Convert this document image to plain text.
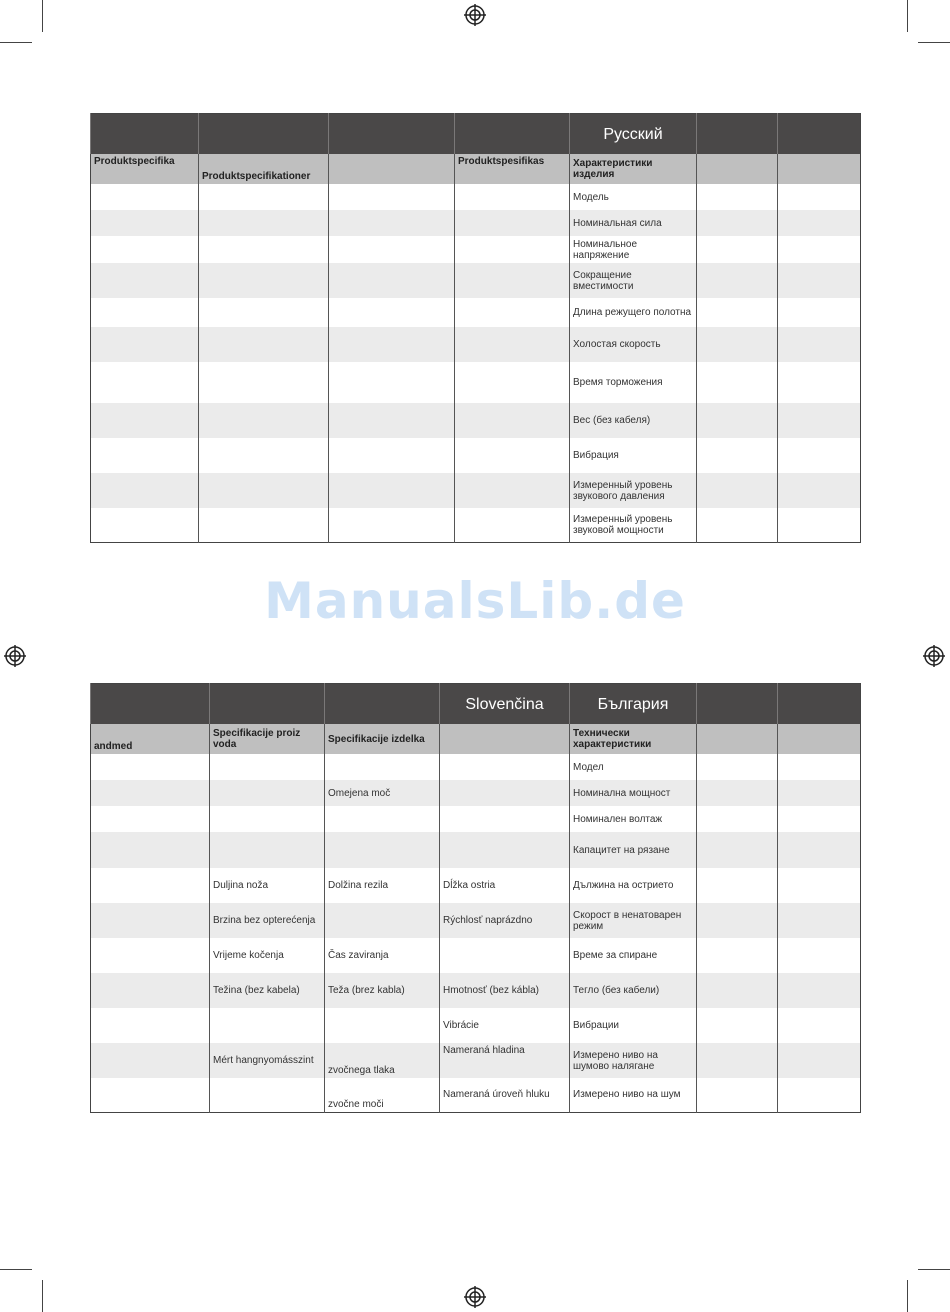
				Русский		
Produktspecifika	Produktspecifikationer		Produktspesifikas	Характеристики изделия		
				Модель		
				Номинальная сила		
				Номинальное напряжение		
				Сокращение вместимости		
				Длина режущего полотна		
				Холостая скорость		
				Время торможения		
				Вес (без кабеля)		
				Вибрация		
				Измеренный уровень звукового давления		
				Измеренный уровень звуковой мощности		
ManualsLib.de
			Slovenčina	България		
andmed	Specifikacije proiz voda	Specifikacije izdelka		Технически характеристики		
				Модел		
		Omejena moč		Номинална мощност		
				Номинален волтаж		
				Капацитет на рязане		
	Duljina noža	Dolžina rezila	Dĺžka ostria	Дължина на острието		
	Brzina bez opterećenja		Rýchlosť naprázdno	Скорост в ненатоварен режим		
	Vrijeme kočenja	Čas zaviranja		Време за спиране		
	Težina (bez kabela)	Teža (brez kabla)	Hmotnosť (bez kábla)	Тегло (без кабели)		
			Vibrácie	Вибрации		
	Mért hangnyomásszint	zvočnega tlaka	Nameraná hladina	Измерено ниво на шумово налягане		
		zvočne moči	Nameraná úroveň hluku	Измерено ниво на шум		
